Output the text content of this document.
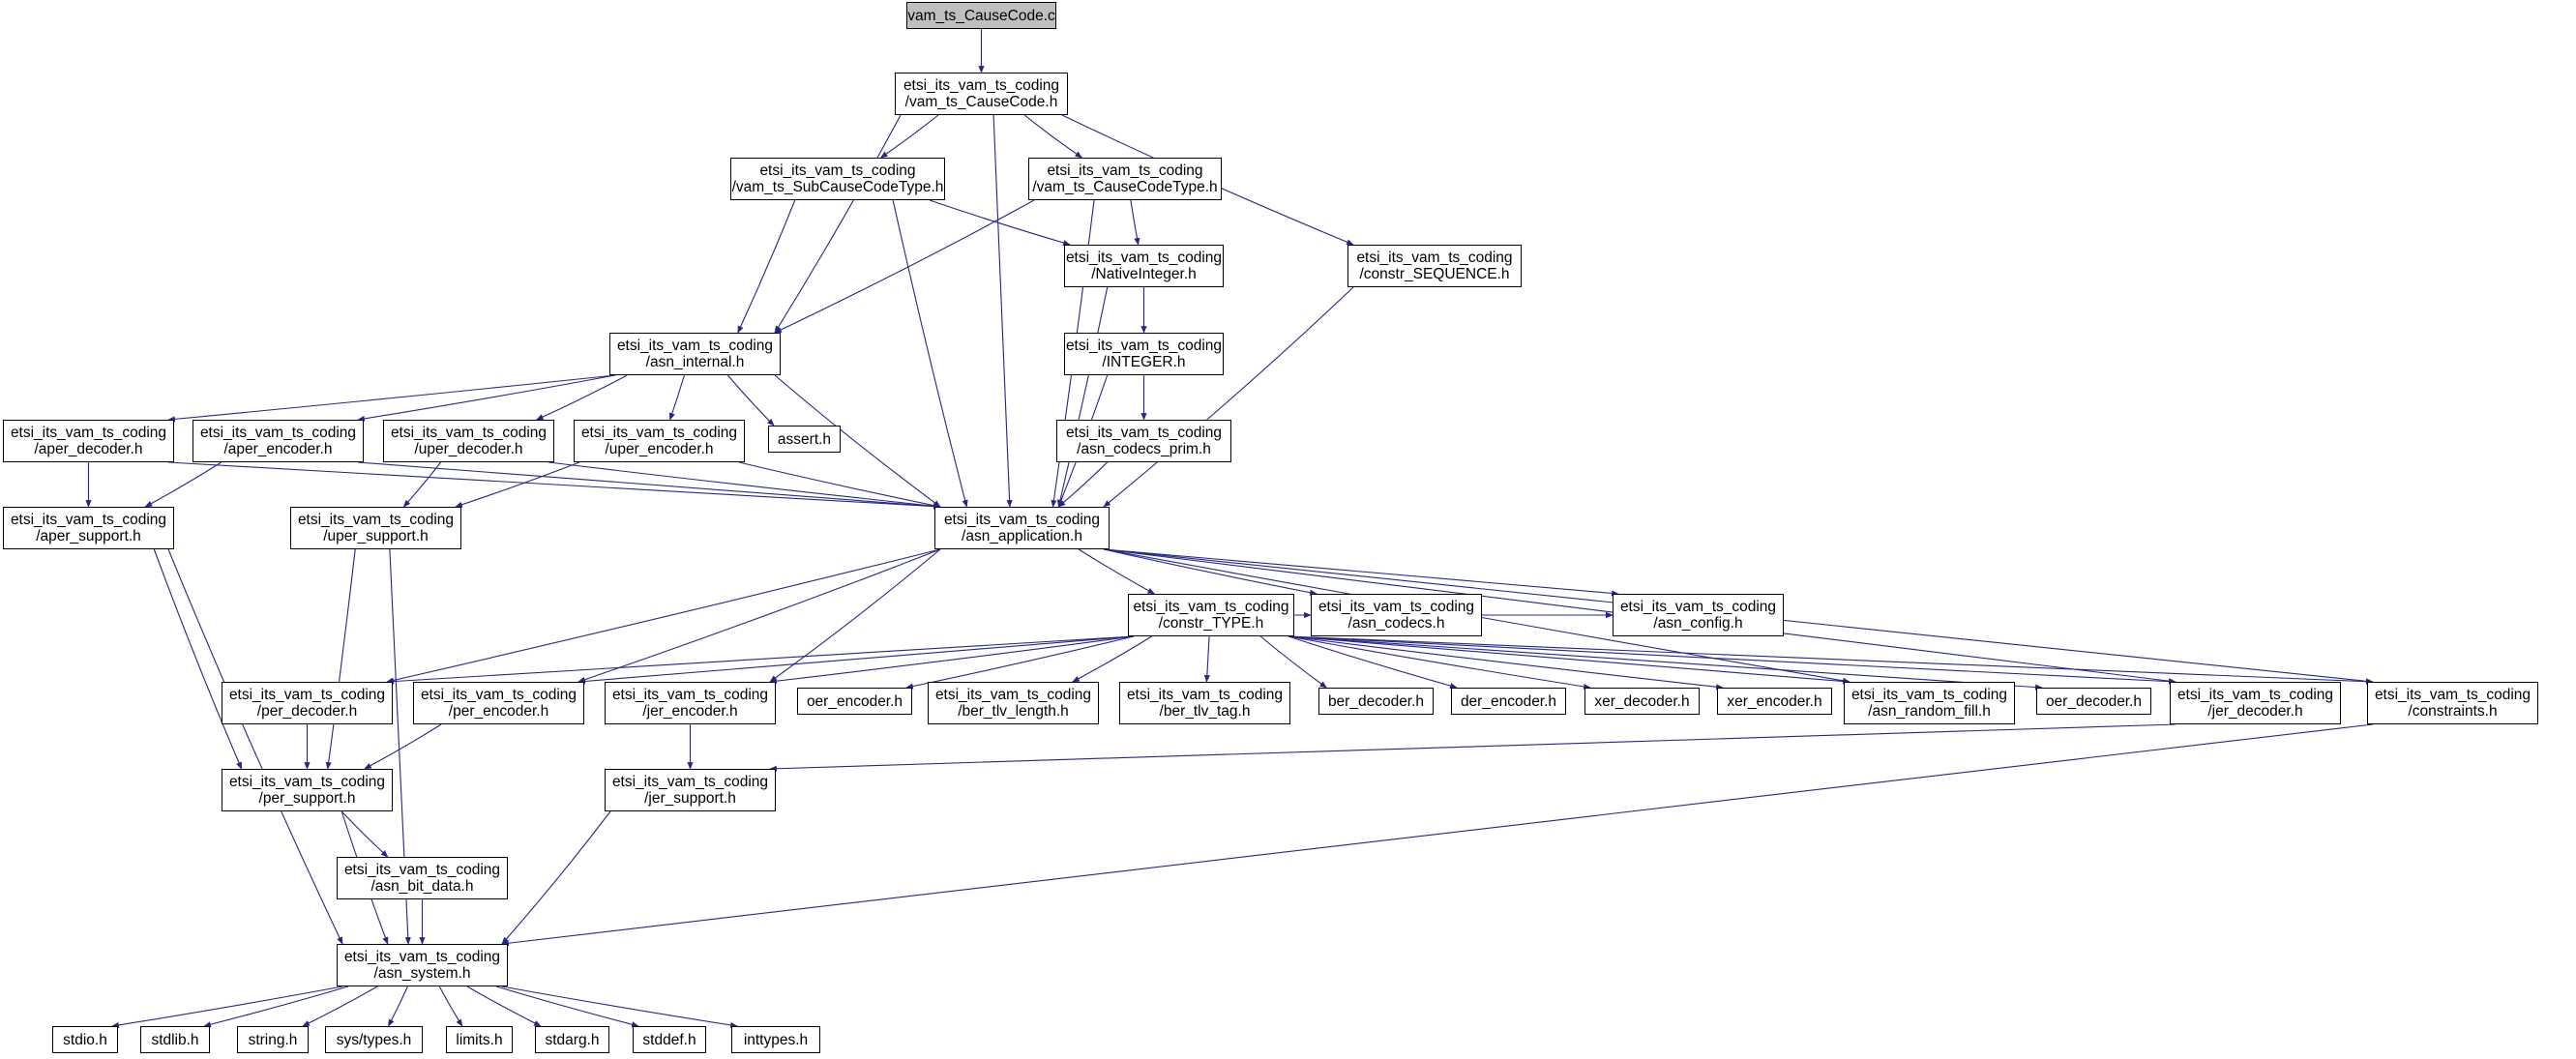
vam_ts_CauseCode.c
etsi_its_vam_ts_coding
/vam_ts_CauseCode.h
etsi_its_vam_ts_coding
/vam_ts_SubCauseCodeType.h
etsi_its_vam_ts_coding
/vam_ts_CauseCodeType.h
etsi_its_vam_ts_coding
/NativeInteger.h
etsi_its_vam_ts_coding
/constr_SEQUENCE.h
etsi_its_vam_ts_coding
/INTEGER.h
etsi_its_vam_ts_coding
/asn_internal.h
etsi_its_vam_ts_coding
/asn_codecs_prim.h
etsi_its_vam_ts_coding
/aper_decoder.h
etsi_its_vam_ts_coding
/aper_encoder.h
etsi_its_vam_ts_coding
/uper_decoder.h
etsi_its_vam_ts_coding
/uper_encoder.h
assert.h
etsi_its_vam_ts_coding
/aper_support.h
etsi_its_vam_ts_coding
/uper_support.h
etsi_its_vam_ts_coding
/asn_application.h
etsi_its_vam_ts_coding
/constr_TYPE.h
etsi_its_vam_ts_coding
/asn_codecs.h
etsi_its_vam_ts_coding
/asn_config.h
etsi_its_vam_ts_coding
/per_decoder.h
etsi_its_vam_ts_coding
/per_encoder.h
etsi_its_vam_ts_coding
/jer_encoder.h
oer_encoder.h	etsi_its_vam_ts_coding
/ber_tlv_length.h
etsi_its_vam_ts_coding
/ber_tlv_tag.h
ber_decoder.h	der_encoder.h	xer_decoder.h	xer_encoder.h	etsi_its_vam_ts_coding
/asn_random_fill.h
oer_decoder.h	etsi_its_vam_ts_coding
/jer_decoder.h
etsi_its_vam_ts_coding
/constraints.h
etsi_its_vam_ts_coding
/per_support.h
etsi_its_vam_ts_coding
/jer_support.h
etsi_its_vam_ts_coding
/asn_bit_data.h
etsi_its_vam_ts_coding
/asn_system.h
stdio.h	stdlib.h	string.h	sys/types.h	limits.h	stdarg.h	stddef.h	inttypes.h
